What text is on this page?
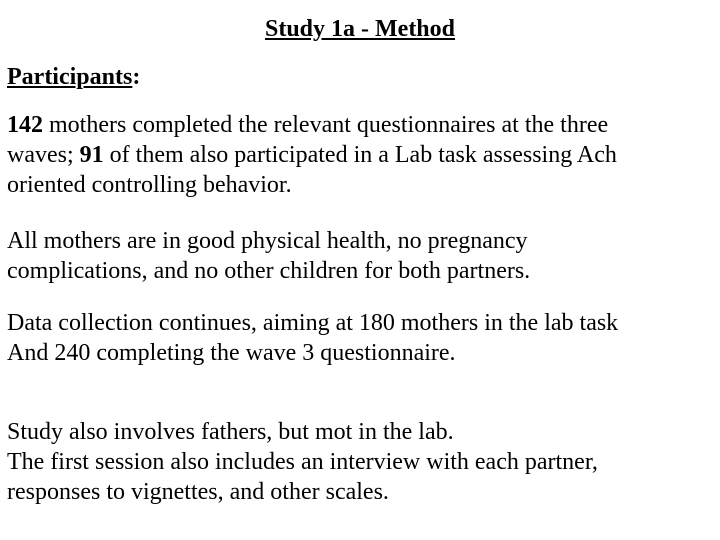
Study 1a - Method

Participants:

142 mothers completed the relevant questionnaires at the three
waves; 91 of them also participated in a Lab task assessing Ach
oriented controlling behavior.

All mothers are in good physical health, no pregnancy
complications, and no other children for both partners.

Data collection continues, aiming at 180 mothers in the lab task
And 240 completing the wave 3 questionnaire.

Study also involves fathers, but mot in the lab.
The first session also includes an interview with each partner,
responses to vignettes, and other scales.
